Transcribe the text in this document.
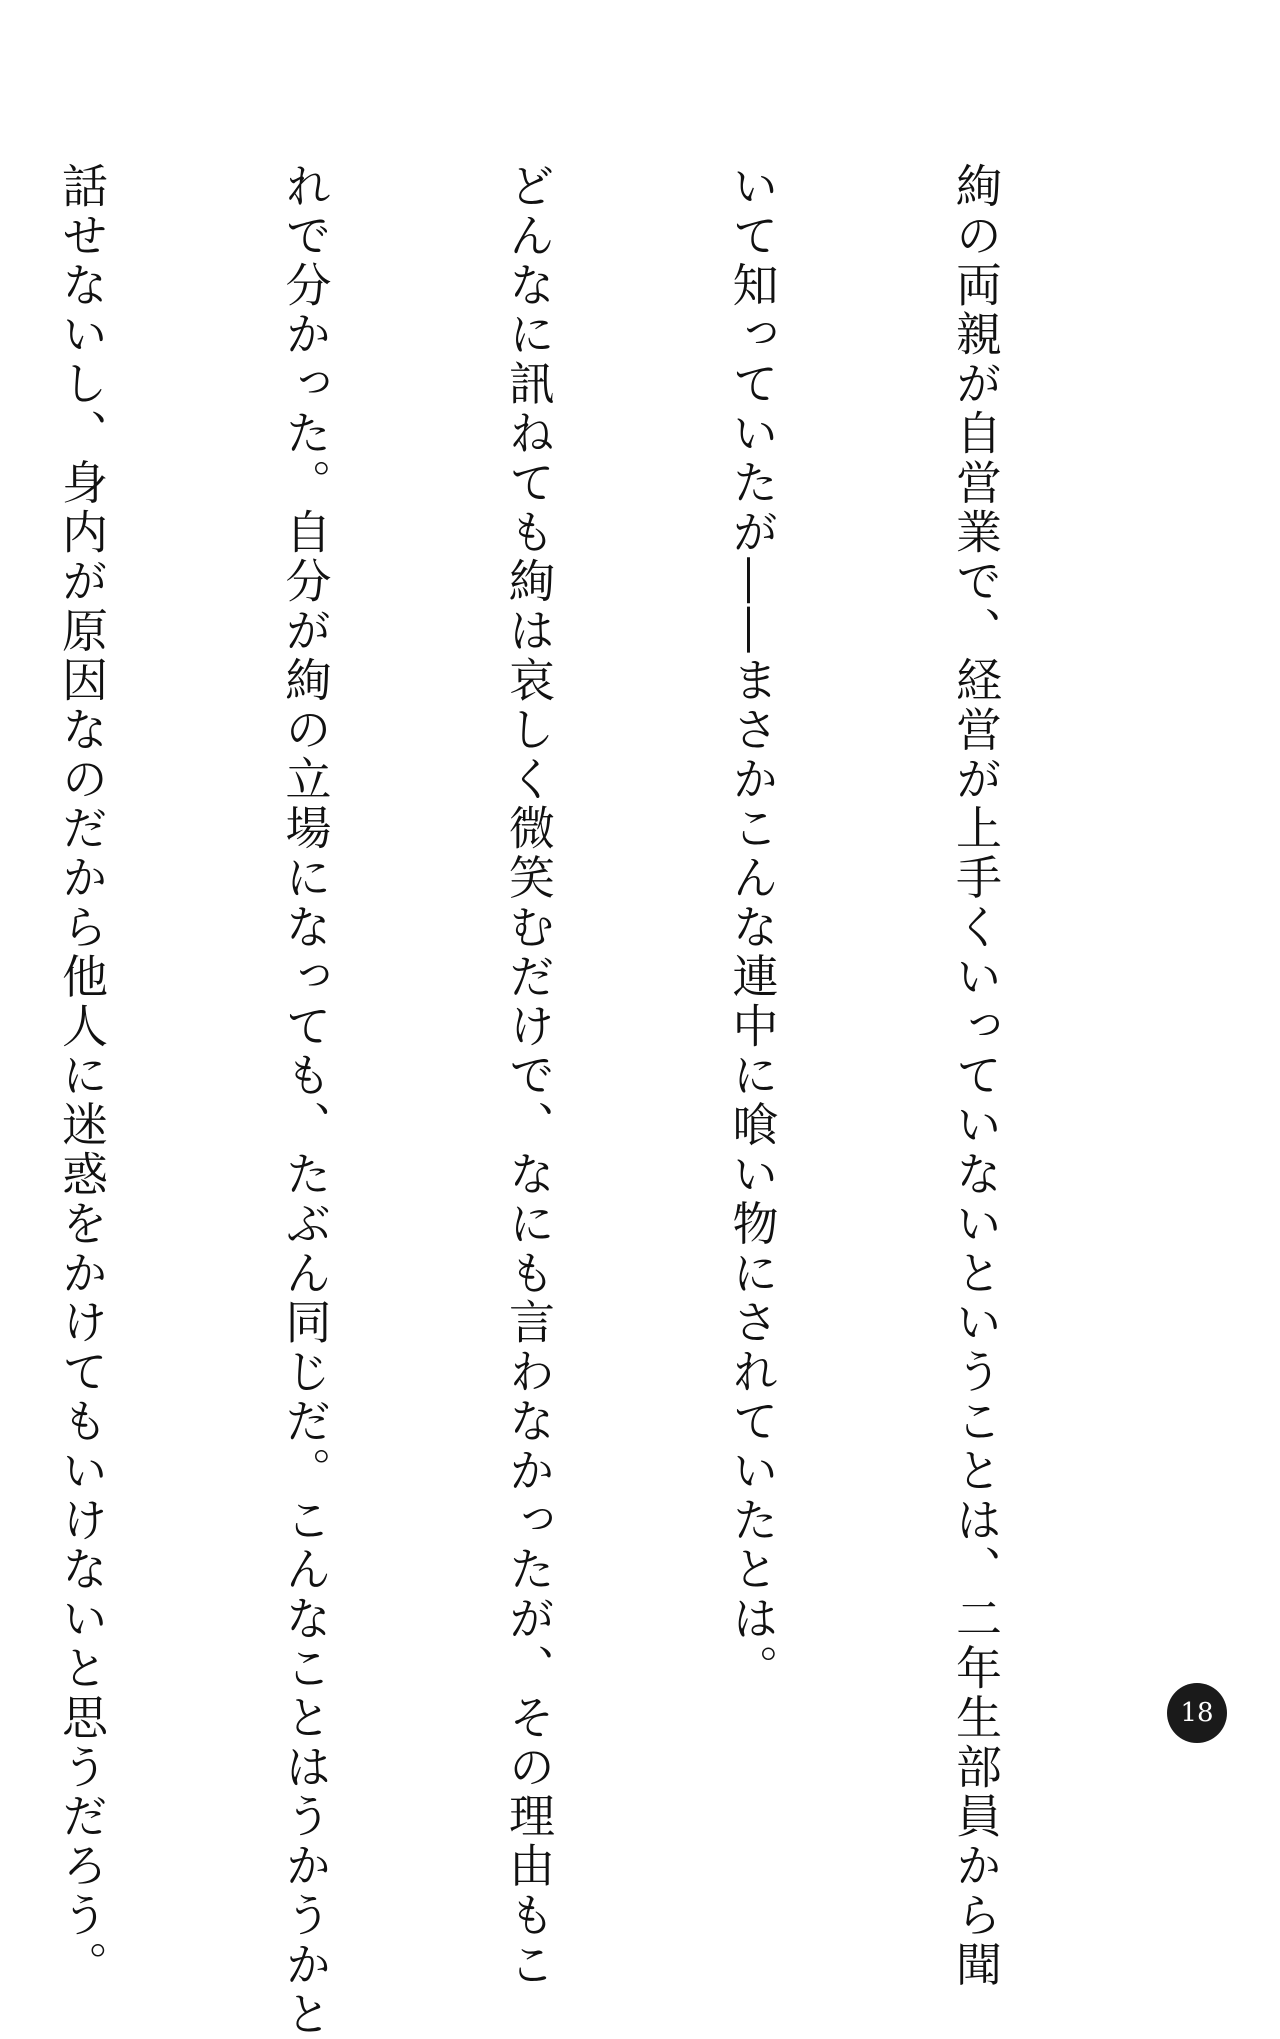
絢の両親が自営業で、経営が上手くいっていないということは、二年生部員から聞

いて知っていたが――まさかこんな連中に喰い物にされていたとは。

どんなに訊ねても絢は哀しく微笑むだけで、なにも言わなかったが、その理由もこ

れで分かった。自分が絢の立場になっても、たぶん同じだ。こんなことはうかうかと

話せないし、身内が原因なのだから他人に迷惑をかけてもいけないと思うだろう。

	18
